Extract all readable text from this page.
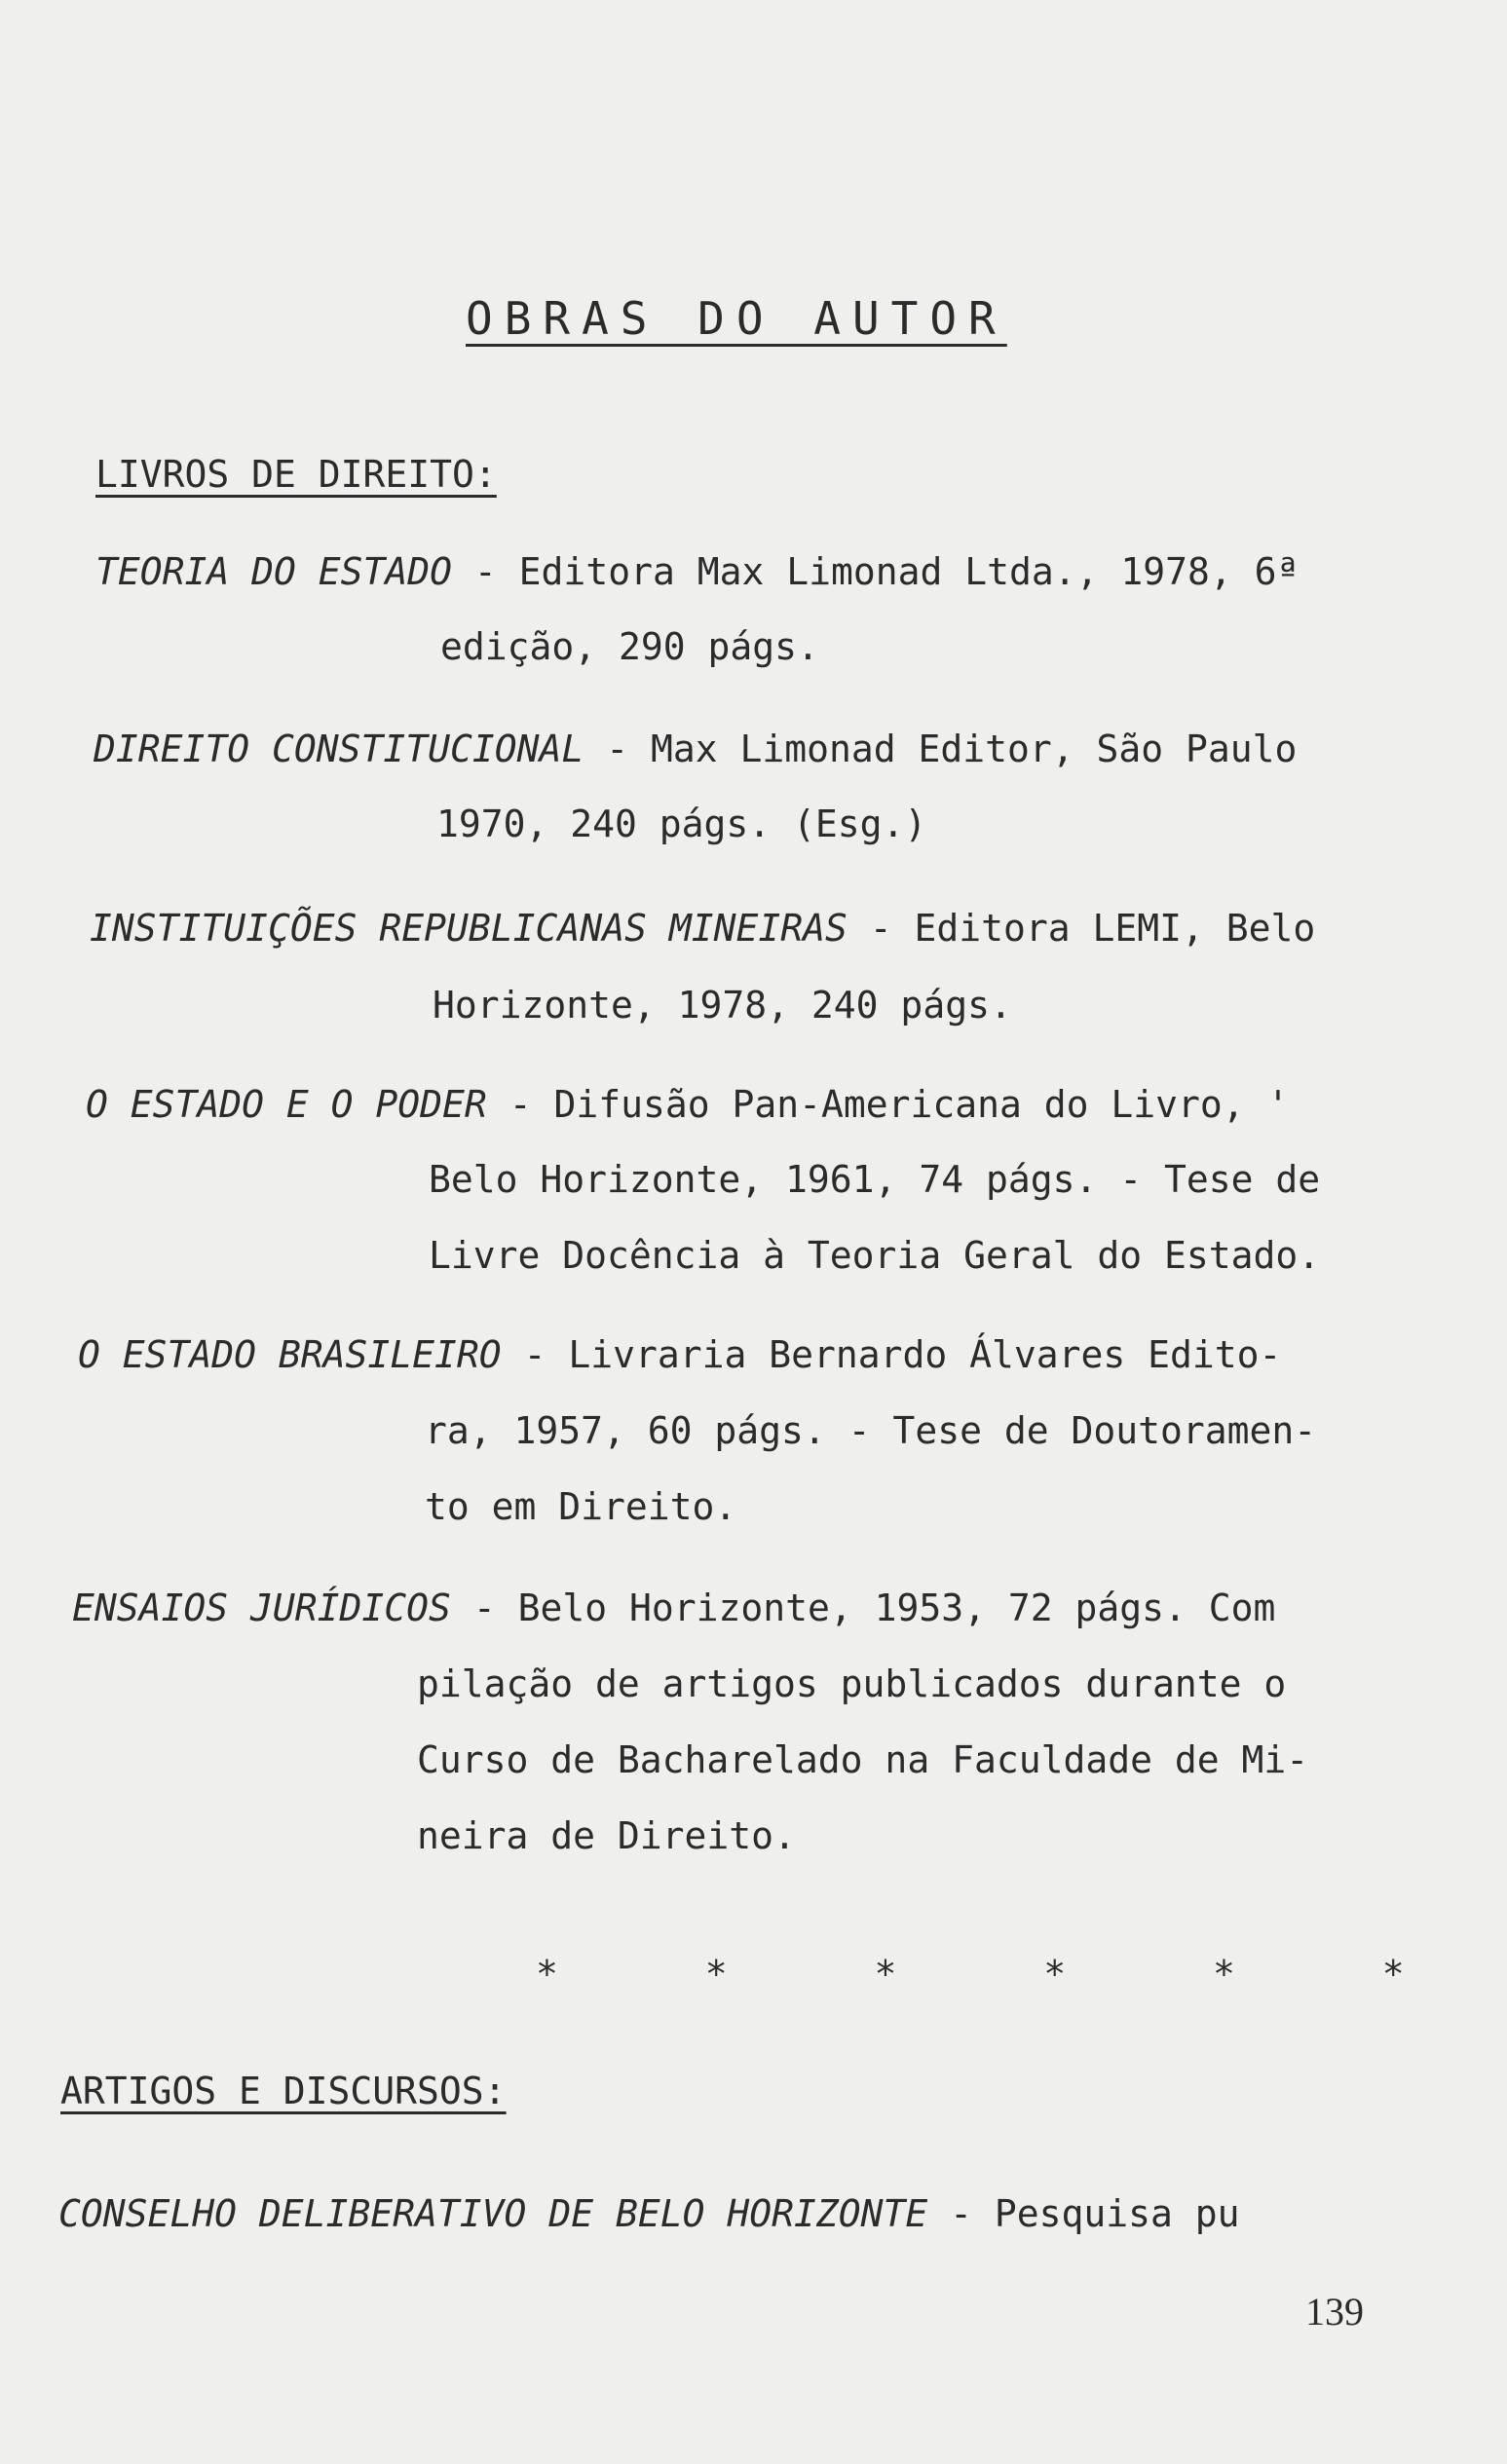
OBRAS DO AUTOR
LIVROS DE DIREITO:
TEORIA DO ESTADO - Editora Max Limonad Ltda., 1978, 6ª
edição, 290 págs.
DIREITO CONSTITUCIONAL - Max Limonad Editor, São Paulo
1970, 240 págs. (Esg.)
INSTITUIÇÕES REPUBLICANAS MINEIRAS - Editora LEMI, Belo
Horizonte, 1978, 240 págs.
O ESTADO E O PODER - Difusão Pan-Americana do Livro, '
Belo Horizonte, 1961, 74 págs. - Tese de
Livre Docência à Teoria Geral do Estado.
O ESTADO BRASILEIRO - Livraria Bernardo Álvares Edito-
ra, 1957, 60 págs. - Tese de Doutoramen-
to em Direito.
ENSAIOS JURÍDICOS - Belo Horizonte, 1953, 72 págs. Com
pilação de artigos publicados durante o
Curso de Bacharelado na Faculdade de Mi-
neira de Direito.
* * * * * *
ARTIGOS E DISCURSOS:
CONSELHO DELIBERATIVO DE BELO HORIZONTE - Pesquisa pu
139
